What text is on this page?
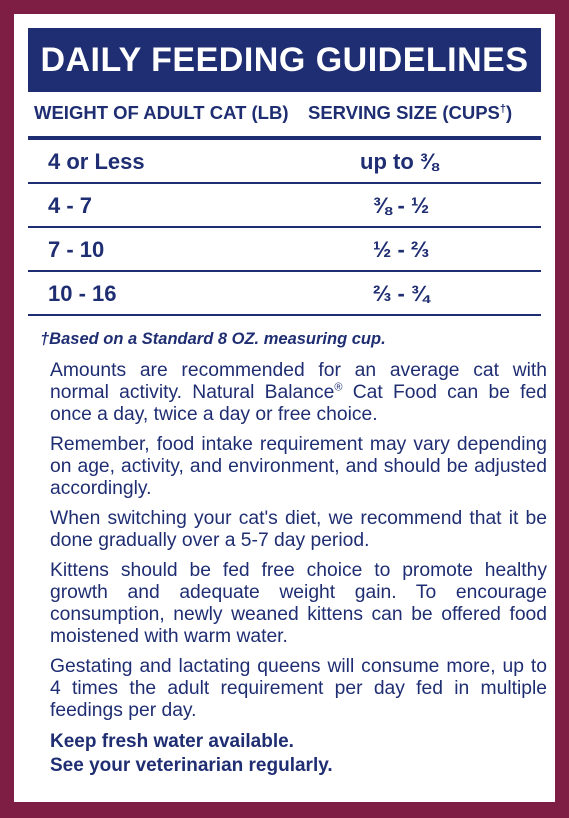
DAILY FEEDING GUIDELINES
WEIGHT OF ADULT CAT (LB) SERVING SIZE (CUPS†)
4 or Less	up to ⅜
4 - 7	⅜ - ½
7 - 10	½ - ⅔
10 - 16	⅔ - ¾
†Based on a Standard 8 OZ. measuring cup.

Amounts are recommended for an average cat with normal activity. Natural Balance® Cat Food can be fed once a day, twice a day or free choice.

Remember, food intake requirement may vary depending on age, activity, and environment, and should be adjusted accordingly.

When switching your cat's diet, we recommend that it be done gradually over a 5-7 day period.

Kittens should be fed free choice to promote healthy growth and adequate weight gain. To encourage consumption, newly weaned kittens can be offered food moistened with warm water.

Gestating and lactating queens will consume more, up to 4 times the adult requirement per day fed in multiple feedings per day.

Keep fresh water available.
See your veterinarian regularly.
